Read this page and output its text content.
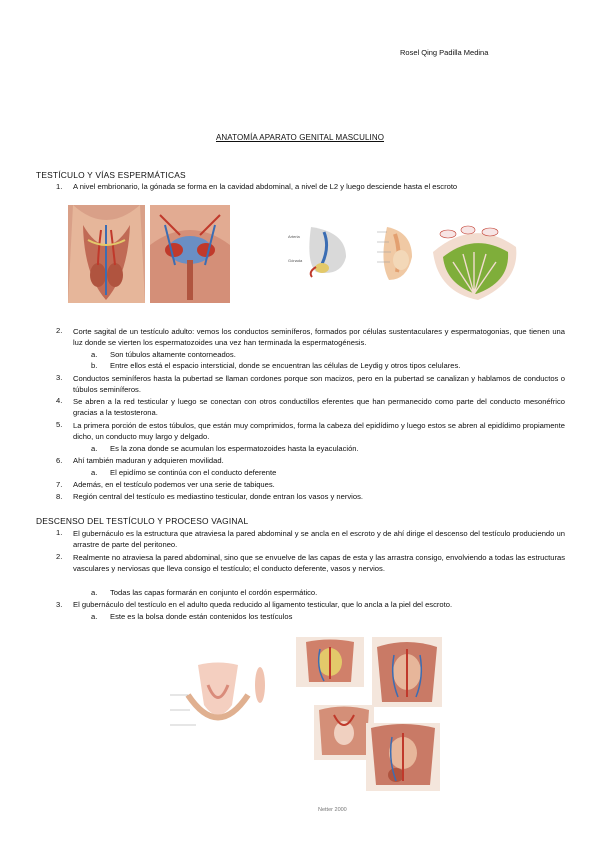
Rosel Qing Padilla Medina
ANATOMÍA APARATO GENITAL MASCULINO
TESTÍCULO Y VÍAS ESPERMÁTICAS
1. A nivel embrionario, la gónada se forma en la cavidad abdominal, a nivel de L2 y luego desciende hasta el escroto
Arteria
Gónada
2. Corte sagital de un testículo adulto: vemos los conductos seminíferos, formados por células sustentaculares y espermatogonias, que tienen una luz donde se vierten los espermatozoides una vez han terminada la espermatogénesis.
a. Son túbulos altamente contorneados.
b. Entre ellos está el espacio intersticial, donde se encuentran las células de Leydig y otros tipos celulares.
3. Conductos seminíferos hasta la pubertad se llaman cordones porque son macizos, pero en la pubertad se canalizan y hablamos de conductos o túbulos seminíferos.
4. Se abren a la red testicular y luego se conectan con otros conductillos eferentes que han permanecido como parte del conducto mesonéfrico gracias a la testosterona.
5. La primera porción de estos túbulos, que están muy comprimidos, forma la cabeza del epidídimo y luego estos se abren al epidídimo propiamente dicho, un conducto muy largo y delgado.
a. Es la zona donde se acumulan los espermatozoides hasta la eyaculación.
6. Ahí también maduran y adquieren movilidad.
a. El epidímo se continúa con el conducto deferente
7. Además, en el testículo podemos ver una serie de tabiques.
8. Región central del testículo es mediastino testicular, donde entran los vasos y nervios.
DESCENSO DEL TESTÍCULO Y PROCESO VAGINAL
1. El gubernáculo es la estructura que atraviesa la pared abdominal y se ancla en el escroto y de ahí dirige el descenso del testículo produciendo un arrastre de parte del peritoneo.
2. Realmente no atraviesa la pared abdominal, sino que se envuelve de las capas de esta y las arrastra consigo, envolviendo a todas las estructuras vasculares y nerviosas que lleva consigo el testículo; el conducto deferente, vasos y nervios.
a. Todas las capas formarán en conjunto el cordón espermático.
3. El gubernáculo del testículo en el adulto queda reducido al ligamento testicular, que lo ancla a la piel del escroto.
a. Este es la bolsa donde están contenidos los testículos
Netter 2000
